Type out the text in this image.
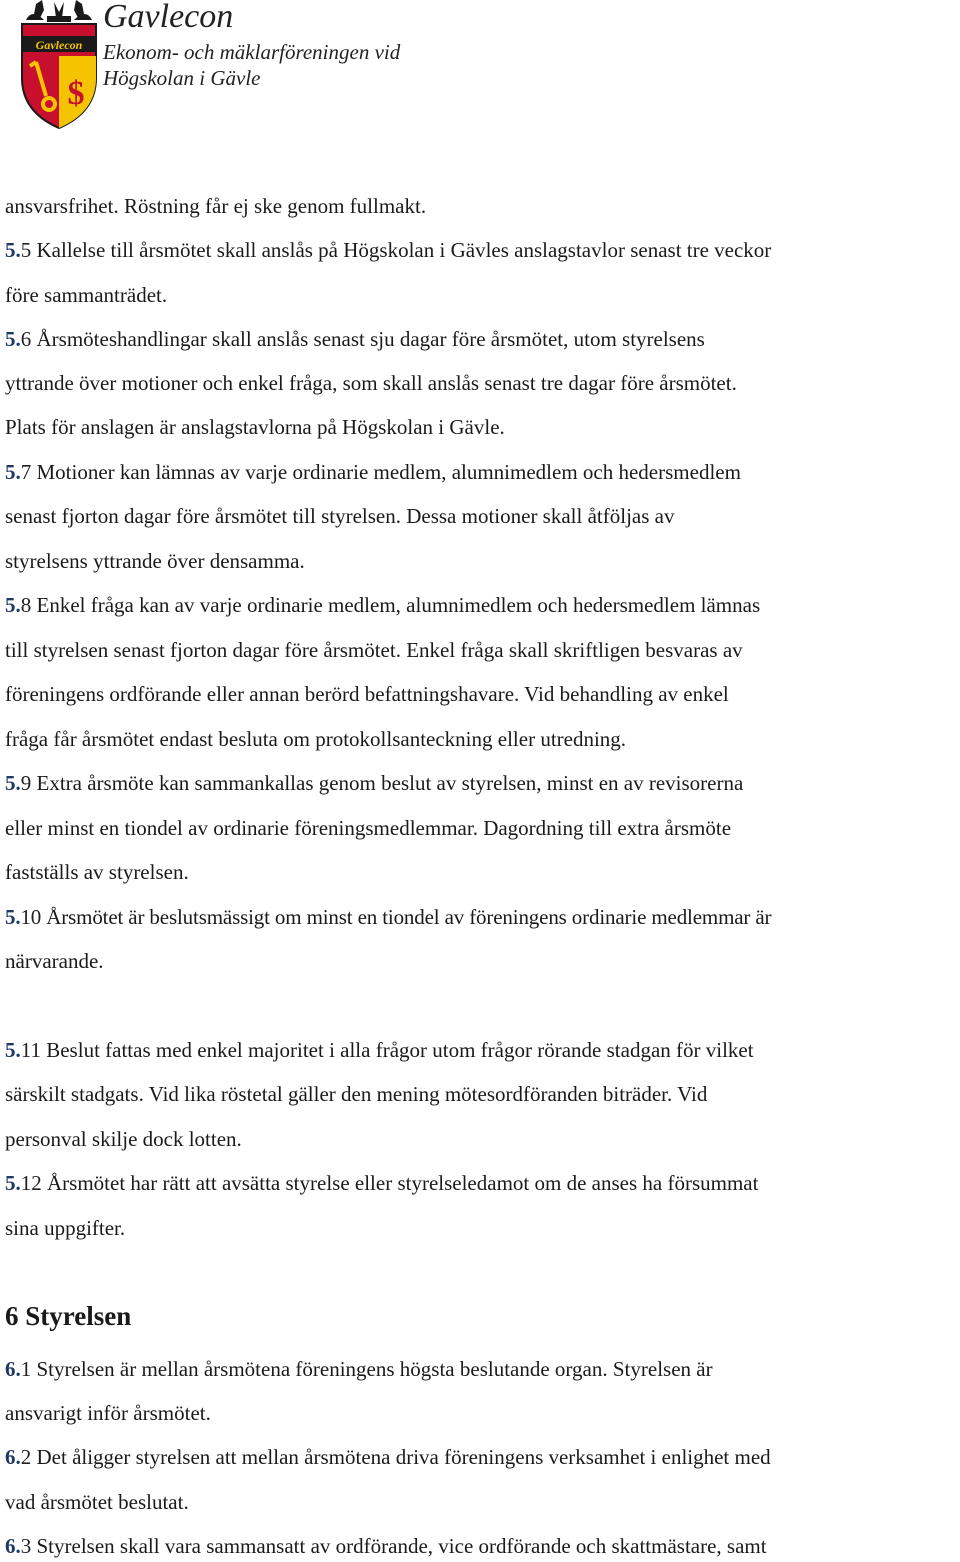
Gavlecon
$
Gavlecon
Ekonom- och mäklarföreningen vid
Högskolan i Gävle
ansvarsfrihet. Röstning får ej ske genom fullmakt.
5.5 Kallelse till årsmötet skall anslås på Högskolan i Gävles anslagstavlor senast tre veckor
före sammanträdet.
5.6 Årsmöteshandlingar skall anslås senast sju dagar före årsmötet, utom styrelsens
yttrande över motioner och enkel fråga, som skall anslås senast tre dagar före årsmötet.
Plats för anslagen är anslagstavlorna på Högskolan i Gävle.
5.7 Motioner kan lämnas av varje ordinarie medlem, alumnimedlem och hedersmedlem
senast fjorton dagar före årsmötet till styrelsen. Dessa motioner skall åtföljas av
styrelsens yttrande över densamma.
5.8 Enkel fråga kan av varje ordinarie medlem, alumnimedlem och hedersmedlem lämnas
till styrelsen senast fjorton dagar före årsmötet. Enkel fråga skall skriftligen besvaras av
föreningens ordförande eller annan berörd befattningshavare. Vid behandling av enkel
fråga får årsmötet endast besluta om protokollsanteckning eller utredning.
5.9 Extra årsmöte kan sammankallas genom beslut av styrelsen, minst en av revisorerna
eller minst en tiondel av ordinarie föreningsmedlemmar. Dagordning till extra årsmöte
fastställs av styrelsen.
5.10 Årsmötet är beslutsmässigt om minst en tiondel av föreningens ordinarie medlemmar är
närvarande.
5.11 Beslut fattas med enkel majoritet i alla frågor utom frågor rörande stadgan för vilket
särskilt stadgats. Vid lika röstetal gäller den mening mötesordföranden biträder. Vid
personval skilje dock lotten.
5.12 Årsmötet har rätt att avsätta styrelse eller styrelseledamot om de anses ha försummat
sina uppgifter.
6 Styrelsen
6.1 Styrelsen är mellan årsmötena föreningens högsta beslutande organ. Styrelsen är
ansvarigt inför årsmötet.
6.2 Det åligger styrelsen att mellan årsmötena driva föreningens verksamhet i enlighet med
vad årsmötet beslutat.
6.3 Styrelsen skall vara sammansatt av ordförande, vice ordförande och skattmästare, samt
